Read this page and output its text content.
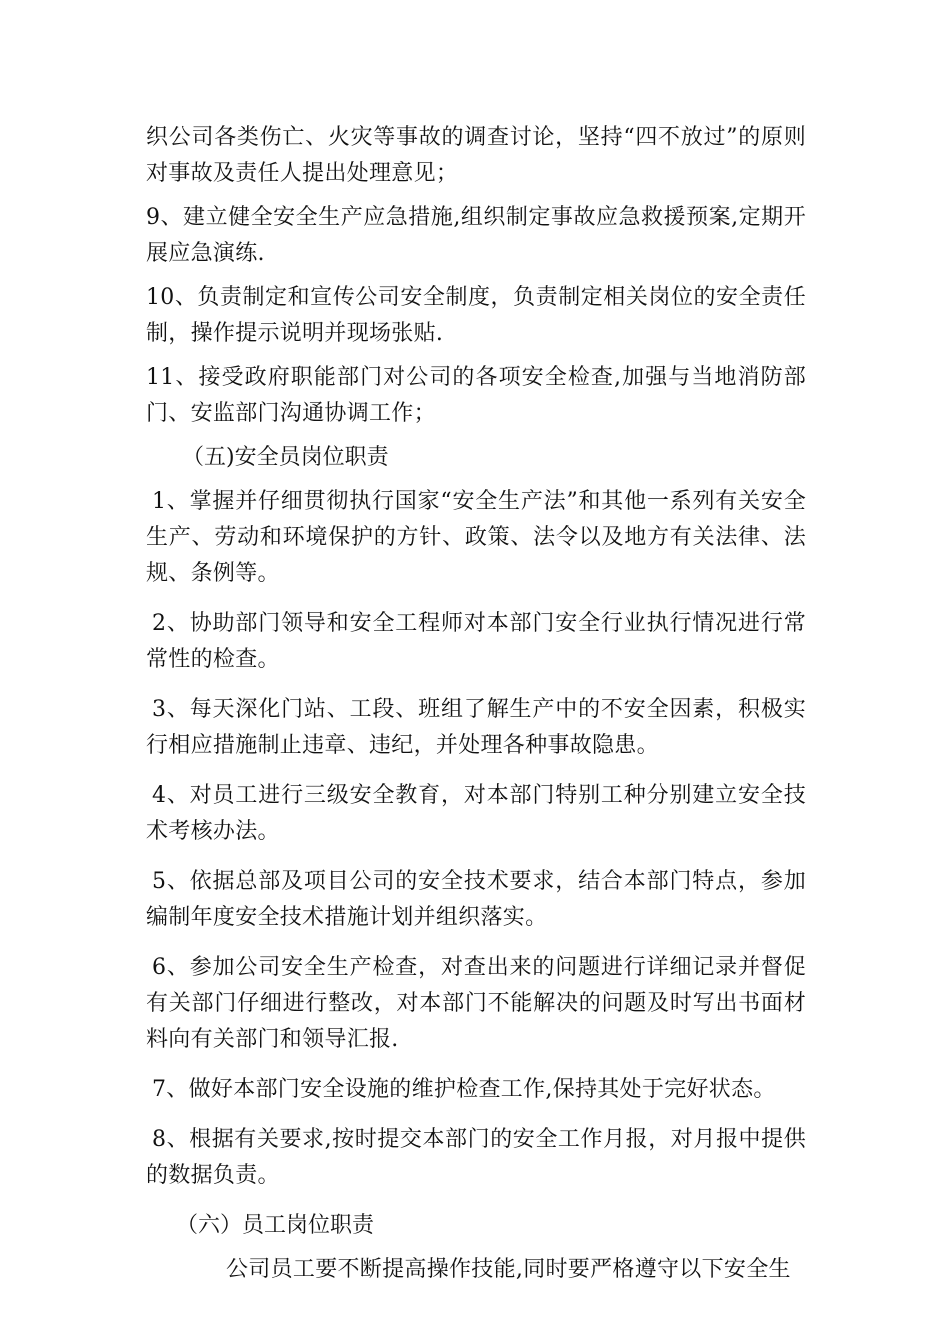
织公司各类伤亡、火灾等事故的调查讨论，坚持“四不放过”的原则对事故及责任人提出处理意见；

9、建立健全安全生产应急措施,组织制定事故应急救援预案,定期开展应急演练.

10、负责制定和宣传公司安全制度，负责制定相关岗位的安全责任制，操作提示说明并现场张贴.

11、接受政府职能部门对公司的各项安全检查,加强与当地消防部门、安监部门沟通协调工作；

（五)安全员岗位职责

1、掌握并仔细贯彻执行国家“安全生产法”和其他一系列有关安全生产、劳动和环境保护的方针、政策、法令以及地方有关法律、法规、条例等。

2、协助部门领导和安全工程师对本部门安全行业执行情况进行常常性的检查。

3、每天深化门站、工段、班组了解生产中的不安全因素，积极实行相应措施制止违章、违纪，并处理各种事故隐患。

4、对员工进行三级安全教育，对本部门特别工种分别建立安全技术考核办法。

5、依据总部及项目公司的安全技术要求，结合本部门特点，参加编制年度安全技术措施计划并组织落实。

6、参加公司安全生产检查，对查出来的问题进行详细记录并督促有关部门仔细进行整改，对本部门不能解决的问题及时写出书面材料向有关部门和领导汇报.

7、做好本部门安全设施的维护检查工作,保持其处于完好状态。

8、根据有关要求,按时提交本部门的安全工作月报，对月报中提供的数据负责。

（六）员工岗位职责

公司员工要不断提高操作技能,同时要严格遵守以下安全生
